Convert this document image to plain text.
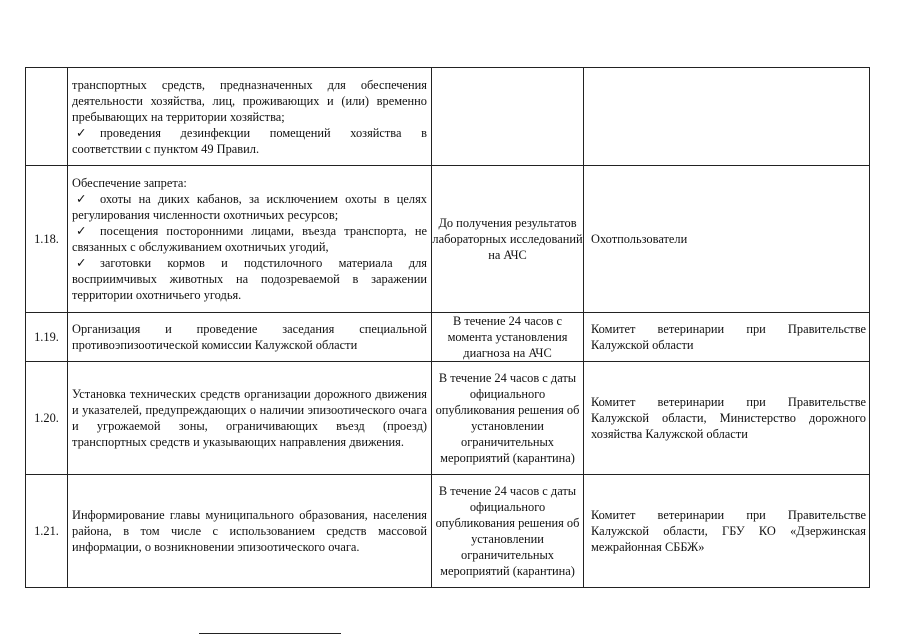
	транспортных средств, предназначенных для обеспечения деятельности хозяйства, лиц, проживающих и (или) временно пребывающих на территории хозяйства;
✓ проведения дезинфекции помещений хозяйства в соответствии с пунктом 49 Правил.		

1.18.	Обеспечение запрета:
✓ охоты на диких кабанов, за исключением охоты в целях регулирования численности охотничьих ресурсов;
✓ посещения посторонними лицами, въезда транспорта, не связанных с обслуживанием охотничьих угодий,
✓ заготовки кормов и подстилочного материала для восприимчивых животных на подозреваемой в заражении территории охотничьего угодья.	До получения результатов лабораторных исследований на АЧС	Охотпользователи
1.19.	Организация и проведение заседания специальной противоэпизоотической комиссии Калужской области	В течение 24 часов с момента установления диагноза на АЧС	Комитет ветеринарии при Правительстве Калужской области
1.20.	Установка технических средств организации дорожного движения и указателей, предупреждающих о наличии эпизоотического очага и угрожаемой зоны, ограничивающих въезд (проезд) транспортных средств и указывающих направления движения.	В течение 24 часов с даты официального опубликования решения об установлении ограничительных мероприятий (карантина)	Комитет ветеринарии при Правительстве Калужской области, Министерство дорожного хозяйства Калужской области
1.21.	Информирование главы муниципального образования, населения района, в том числе с использованием средств массовой информации, о возникновении эпизоотического очага.	В течение 24 часов с даты официального опубликования решения об установлении ограничительных мероприятий (карантина)	Комитет ветеринарии при Правительстве Калужской области, ГБУ КО «Дзержинская межрайонная СББЖ»
